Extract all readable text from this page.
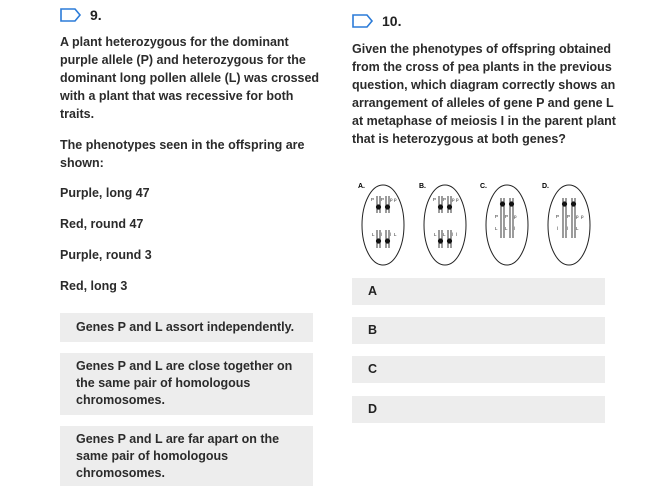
9.

A plant heterozygous for the dominant purple allele (P) and heterozygous for the dominant long pollen allele (L) was crossed with a plant that was recessive for both traits.

The phenotypes seen in the offspring are shown:

Purple, long 47

Red, round 47

Purple, round 3

Red, long 3

Genes P and L assort independently.
Genes P and L are close together on the same pair of homologous chromosomes.
Genes P and L are far apart on the same pair of homologous chromosomes.
10.

Given the phenotypes of offspring obtained from the cross of pea plants in the previous question, which diagram correctly shows an arrangement of alleles of gene P and gene L at metaphase of meiosis I in the parent plant that is heterozygous at both genes?

A.
P P p p
L l l L
B.
P P p p
L L l l
C.
P P p
L L l
D.
P P p p
l l L
A
B
C
D
